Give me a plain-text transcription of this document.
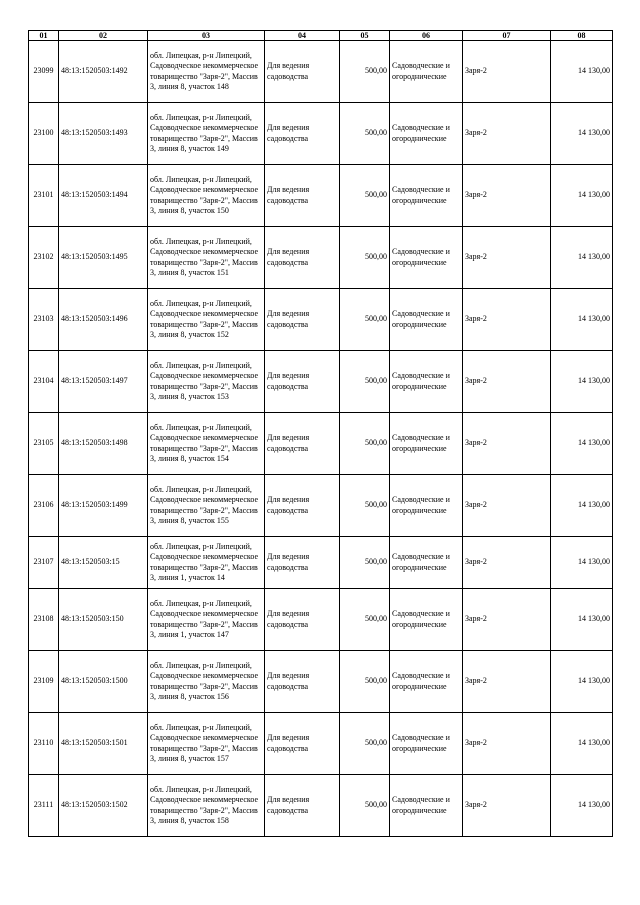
01	02	03	04	05	06	07	08
23099	48:13:1520503:1492	обл. Липецкая, р-н Липецкий, Садоводческое некоммерческое товарищество "Заря-2", Массив 3, линия 8, участок 148	Для ведения садоводства	500,00	Садоводческие и огороднические	Заря-2	14 130,00
23100	48:13:1520503:1493	обл. Липецкая, р-н Липецкий, Садоводческое некоммерческое товарищество "Заря-2", Массив 3, линия 8, участок 149	Для ведения садоводства	500,00	Садоводческие и огороднические	Заря-2	14 130,00
23101	48:13:1520503:1494	обл. Липецкая, р-н Липецкий, Садоводческое некоммерческое товарищество "Заря-2", Массив 3, линия 8, участок 150	Для ведения садоводства	500,00	Садоводческие и огороднические	Заря-2	14 130,00
23102	48:13:1520503:1495	обл. Липецкая, р-н Липецкий, Садоводческое некоммерческое товарищество "Заря-2", Массив 3, линия 8, участок 151	Для ведения садоводства	500,00	Садоводческие и огороднические	Заря-2	14 130,00
23103	48:13:1520503:1496	обл. Липецкая, р-н Липецкий, Садоводческое некоммерческое товарищество "Заря-2", Массив 3, линия 8, участок 152	Для ведения садоводства	500,00	Садоводческие и огороднические	Заря-2	14 130,00
23104	48:13:1520503:1497	обл. Липецкая, р-н Липецкий, Садоводческое некоммерческое товарищество "Заря-2", Массив 3, линия 8, участок 153	Для ведения садоводства	500,00	Садоводческие и огороднические	Заря-2	14 130,00
23105	48:13:1520503:1498	обл. Липецкая, р-н Липецкий, Садоводческое некоммерческое товарищество "Заря-2", Массив 3, линия 8, участок 154	Для ведения садоводства	500,00	Садоводческие и огороднические	Заря-2	14 130,00
23106	48:13:1520503:1499	обл. Липецкая, р-н Липецкий, Садоводческое некоммерческое товарищество "Заря-2", Массив 3, линия 8, участок 155	Для ведения садоводства	500,00	Садоводческие и огороднические	Заря-2	14 130,00
23107	48:13:1520503:15	обл. Липецкая, р-н Липецкий, Садоводческое некоммерческое товарищество "Заря-2", Массив 3, линия 1, участок 14	Для ведения садоводства	500,00	Садоводческие и огороднические	Заря-2	14 130,00
23108	48:13:1520503:150	обл. Липецкая, р-н Липецкий, Садоводческое некоммерческое товарищество "Заря-2", Массив 3, линия 1, участок 147	Для ведения садоводства	500,00	Садоводческие и огороднические	Заря-2	14 130,00
23109	48:13:1520503:1500	обл. Липецкая, р-н Липецкий, Садоводческое некоммерческое товарищество "Заря-2", Массив 3, линия 8, участок 156	Для ведения садоводства	500,00	Садоводческие и огороднические	Заря-2	14 130,00
23110	48:13:1520503:1501	обл. Липецкая, р-н Липецкий, Садоводческое некоммерческое товарищество "Заря-2", Массив 3, линия 8, участок 157	Для ведения садоводства	500,00	Садоводческие и огороднические	Заря-2	14 130,00
23111	48:13:1520503:1502	обл. Липецкая, р-н Липецкий, Садоводческое некоммерческое товарищество "Заря-2", Массив 3, линия 8, участок 158	Для ведения садоводства	500,00	Садоводческие и огороднические	Заря-2	14 130,00
